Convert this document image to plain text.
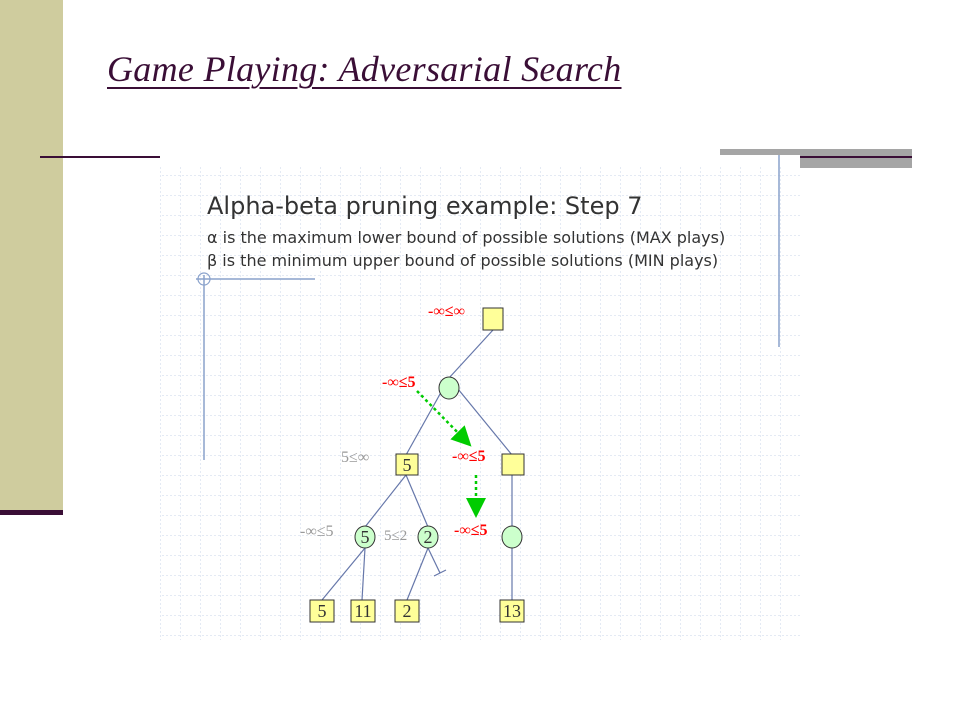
Game Playing: Adversarial Search
Alpha-beta pruning example: Step 7
α is the maximum lower bound of possible solutions (MAX plays)
β is the minimum upper bound of possible solutions (MIN plays)
5
5	2
5 11 2	13
-∞≤∞
-∞≤5
5≤∞	-∞≤5
-∞≤5	5≤2	-∞≤5
